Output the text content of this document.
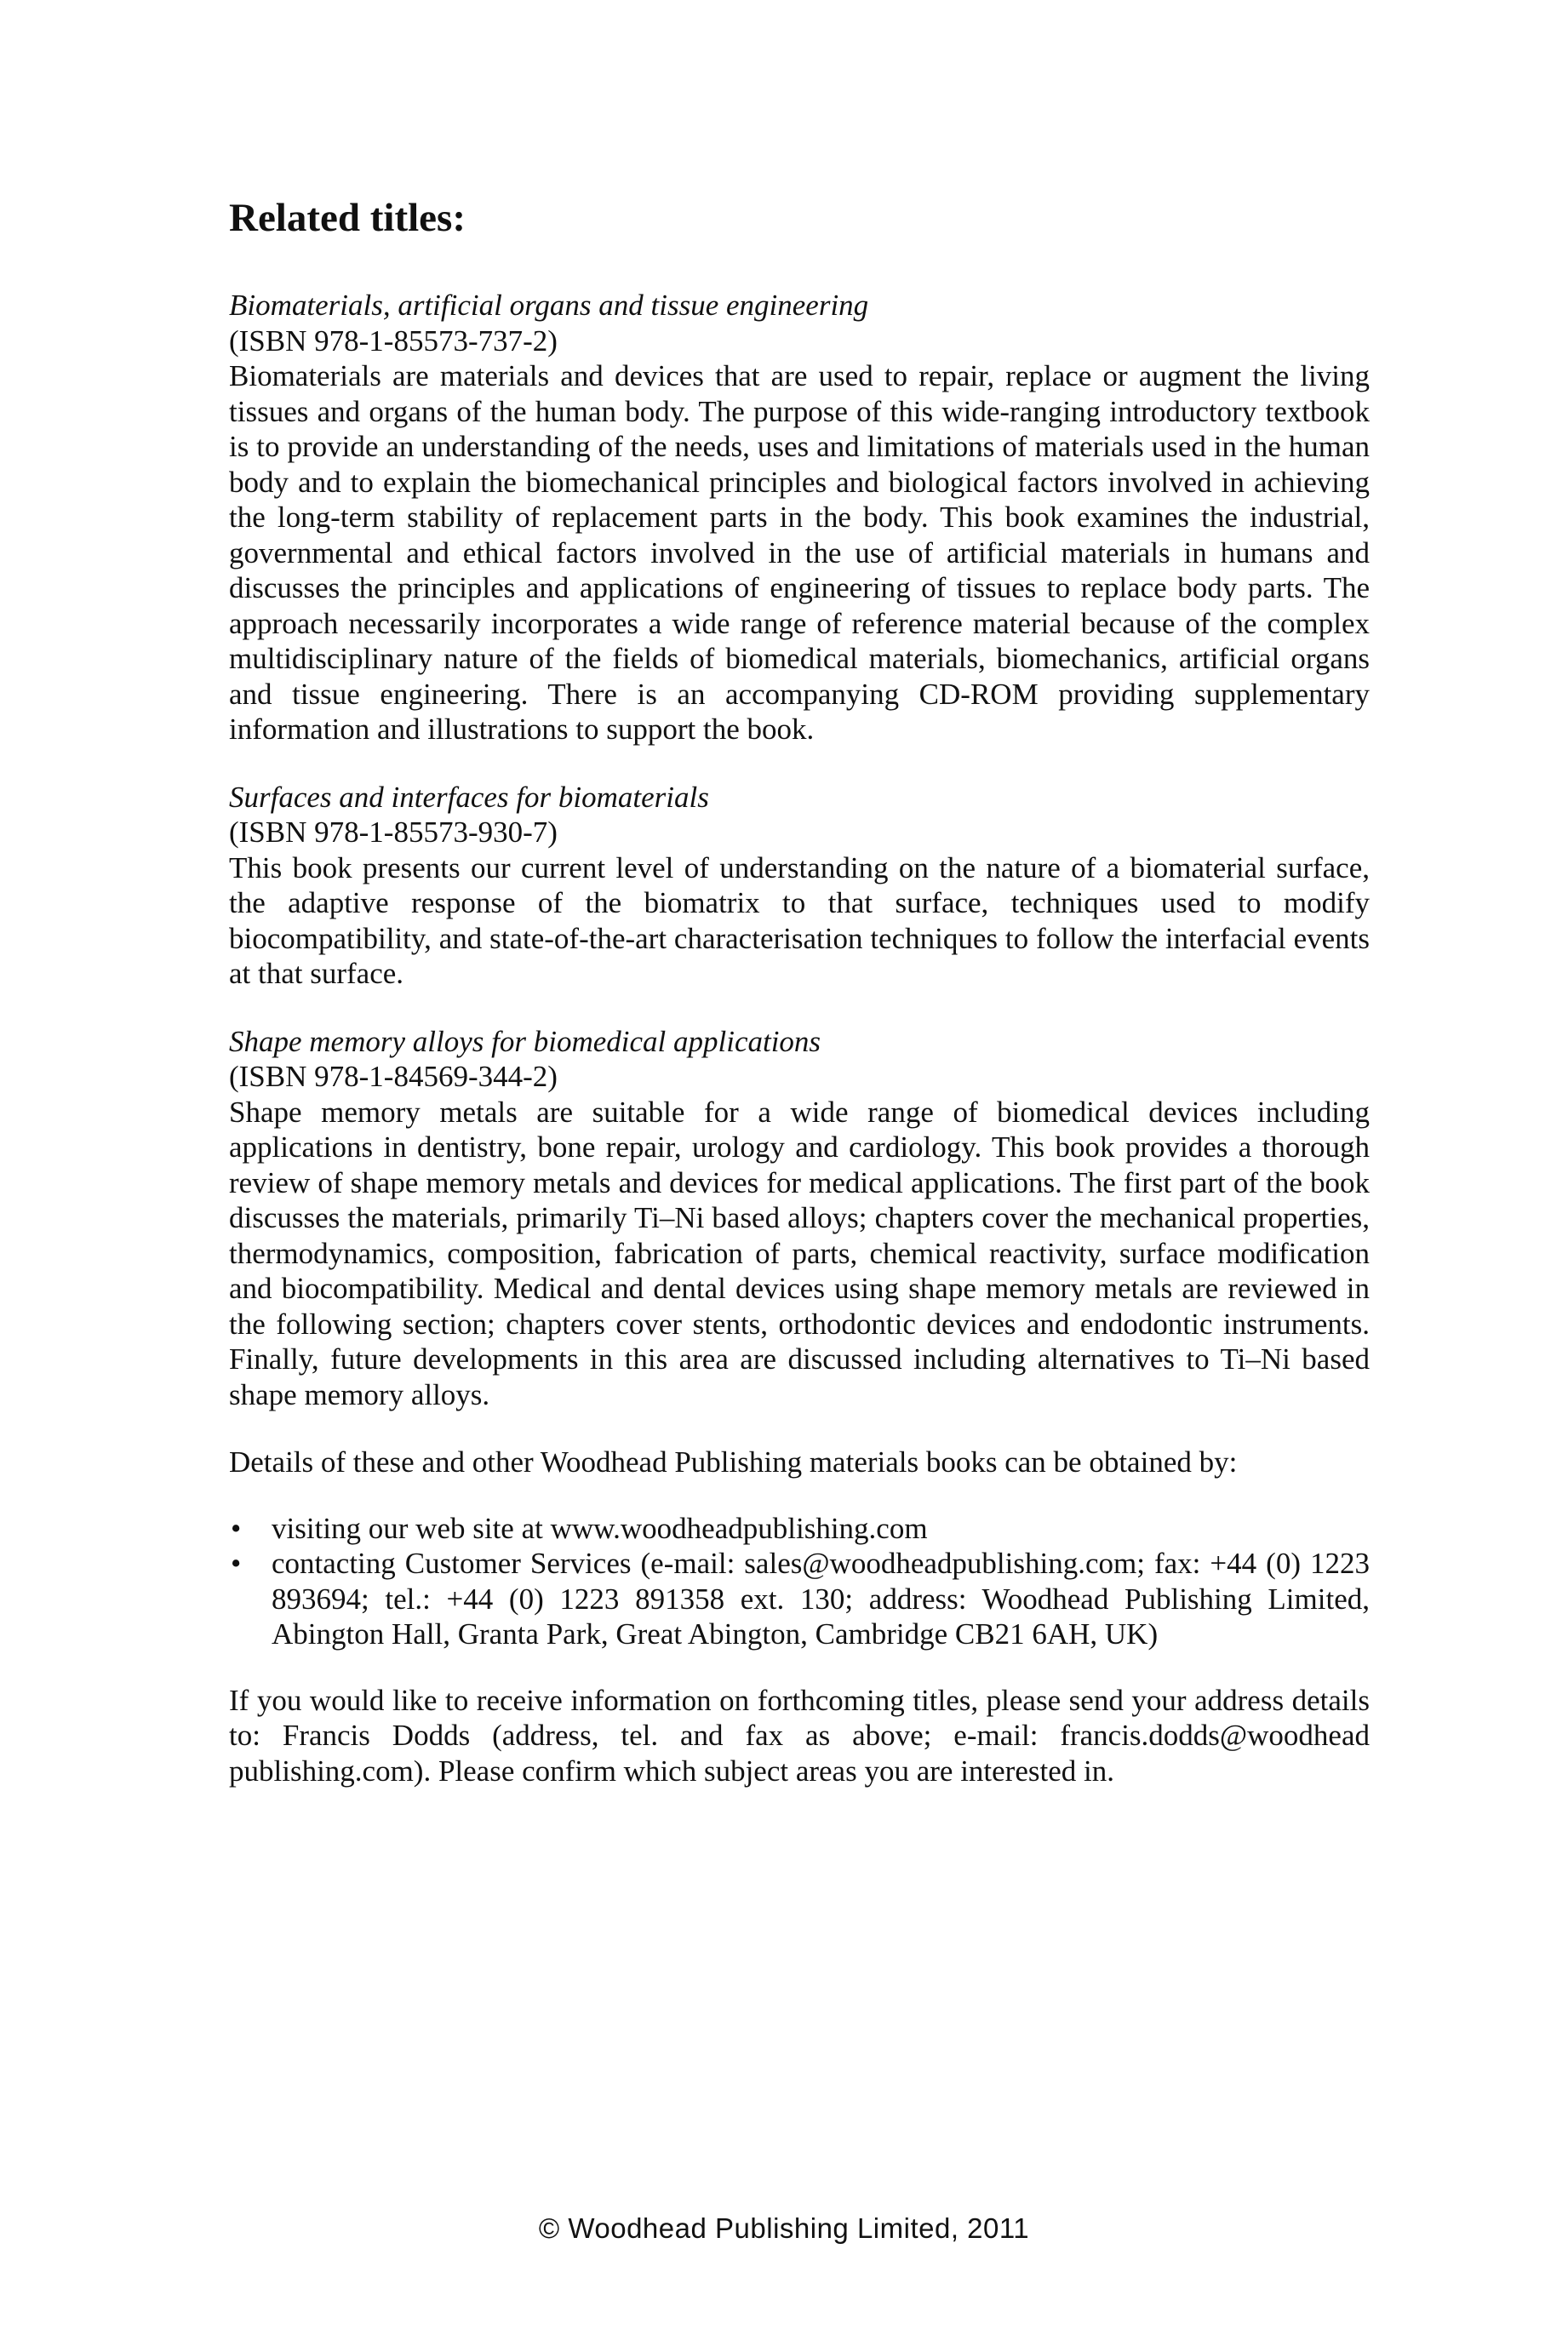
Related titles:
Biomaterials, artificial organs and tissue engineering
(ISBN 978-1-85573-737-2)
Biomaterials are materials and devices that are used to repair, replace or augment the living tissues and organs of the human body. The purpose of this wide-ranging introductory textbook is to provide an understanding of the needs, uses and limitations of materials used in the human body and to explain the biomechanical principles and biological factors involved in achieving the long-term stability of replacement parts in the body. This book examines the industrial, governmental and ethical factors involved in the use of artificial materials in humans and discusses the principles and applications of engineering of tissues to replace body parts. The approach necessarily incorporates a wide range of reference material because of the complex multidisciplinary nature of the fields of biomedical materials, biomechanics, artificial organs and tissue engineering. There is an accompanying CD-ROM providing supplementary information and illustrations to support the book.
Surfaces and interfaces for biomaterials
(ISBN 978-1-85573-930-7)
This book presents our current level of understanding on the nature of a biomaterial surface, the adaptive response of the biomatrix to that surface, techniques used to modify biocompatibility, and state-of-the-art characterisation techniques to follow the interfacial events at that surface.
Shape memory alloys for biomedical applications
(ISBN 978-1-84569-344-2)
Shape memory metals are suitable for a wide range of biomedical devices including applications in dentistry, bone repair, urology and cardiology. This book provides a thorough review of shape memory metals and devices for medical applications. The first part of the book discusses the materials, primarily Ti–Ni based alloys; chapters cover the mechanical properties, thermodynamics, composition, fabrication of parts, chemical reactivity, surface modification and biocompatibility. Medical and dental devices using shape memory metals are reviewed in the following section; chapters cover stents, orthodontic devices and endodontic instruments. Finally, future developments in this area are discussed including alternatives to Ti–Ni based shape memory alloys.

Details of these and other Woodhead Publishing materials books can be obtained by:

• visiting our web site at www.woodheadpublishing.com
• contacting Customer Services (e-mail: sales@woodheadpublishing.com; fax: +44 (0) 1223 893694; tel.: +44 (0) 1223 891358 ext. 130; address: Woodhead Publishing Limited, Abington Hall, Granta Park, Great Abington, Cambridge CB21 6AH, UK)

If you would like to receive information on forthcoming titles, please send your address details to: Francis Dodds (address, tel. and fax as above; e-mail: francis.dodds@woodhead publishing.com). Please confirm which subject areas you are interested in.

© Woodhead Publishing Limited, 2011
